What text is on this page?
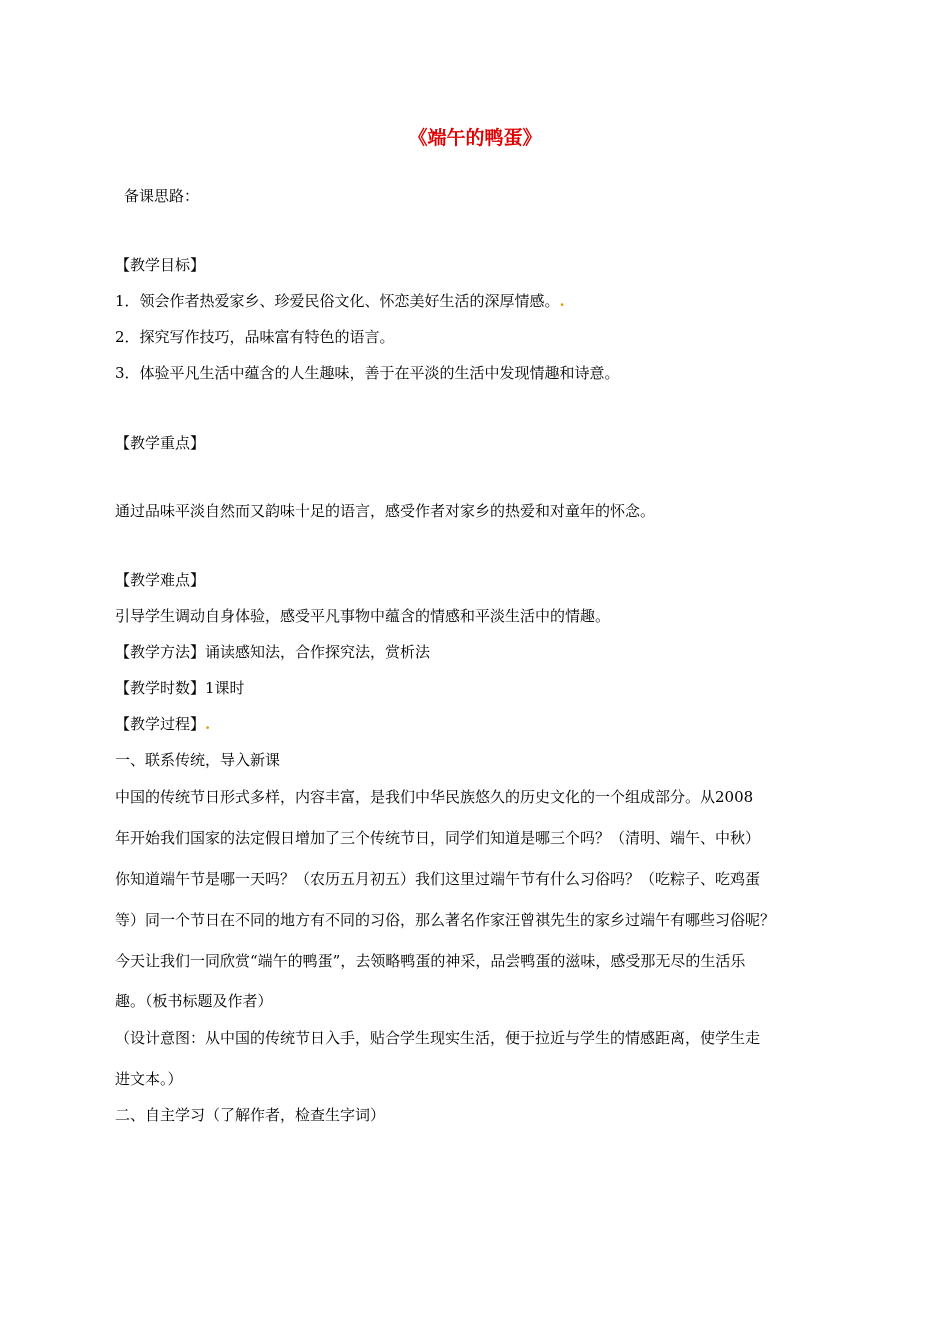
《端午的鸭蛋》
备课思路：
【教学目标】
1．领会作者热爱家乡、珍爱民俗文化、怀恋美好生活的深厚情感。.
2．探究写作技巧，品味富有特色的语言。
3．体验平凡生活中蕴含的人生趣味，善于在平淡的生活中发现情趣和诗意。
【教学重点】
通过品味平淡自然而又韵味十足的语言，感受作者对家乡的热爱和对童年的怀念。
【教学难点】
引导学生调动自身体验，感受平凡事物中蕴含的情感和平淡生活中的情趣。
【教学方法】诵读感知法，合作探究法，赏析法
【教学时数】1课时
【教学过程】.
一、联系传统，导入新课
中国的传统节日形式多样，内容丰富，是我们中华民族悠久的历史文化的一个组成部分。从2008
年开始我们国家的法定假日增加了三个传统节日，同学们知道是哪三个吗？（清明、端午、中秋）
你知道端午节是哪一天吗？（农历五月初五）我们这里过端午节有什么习俗吗？（吃粽子、吃鸡蛋
等）同一个节日在不同的地方有不同的习俗，那么著名作家汪曾祺先生的家乡过端午有哪些习俗呢？
今天让我们一同欣赏“端午的鸭蛋”，去领略鸭蛋的神采，品尝鸭蛋的滋味，感受那无尽的生活乐
趣。（板书标题及作者）
（设计意图：从中国的传统节日入手，贴合学生现实生活，便于拉近与学生的情感距离，使学生走
进文本。）
二、自主学习（了解作者，检查生字词）
